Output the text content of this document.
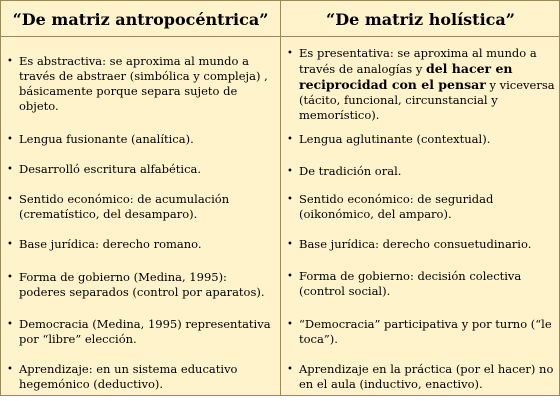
“De matriz antropocéntrica”	“De matriz holística”
• Es abstractiva: se aproxima al mundo a través de abstraer (simbólica y compleja) , básicamente porque separa sujeto de objeto.
• Lengua fusionante (analítica).
• Desarrolló escritura alfabética.
• Sentido económico: de acumulación (crematístico, del desamparo).
• Base jurídica: derecho romano.
• Forma de gobierno (Medina, 1995): poderes separados (control por aparatos).
• Democracia (Medina, 1995) representativa por “libre” elección.
• Aprendizaje: en un sistema educativo hegemónico (deductivo).
• Es presentativa: se aproxima al mundo a través de analogías y del hacer en reciprocidad con el pensar y viceversa (tácito, funcional, circunstancial y memorístico).
• Lengua aglutinante (contextual).
• De tradición oral.
• Sentido económico: de seguridad (oikonómico, del amparo).
• Base jurídica: derecho consuetudinario.
• Forma de gobierno: decisión colectiva (control social).
• “Democracia” participativa y por turno (“le toca”).
• Aprendizaje en la práctica (por el hacer) no en el aula (inductivo, enactivo).
